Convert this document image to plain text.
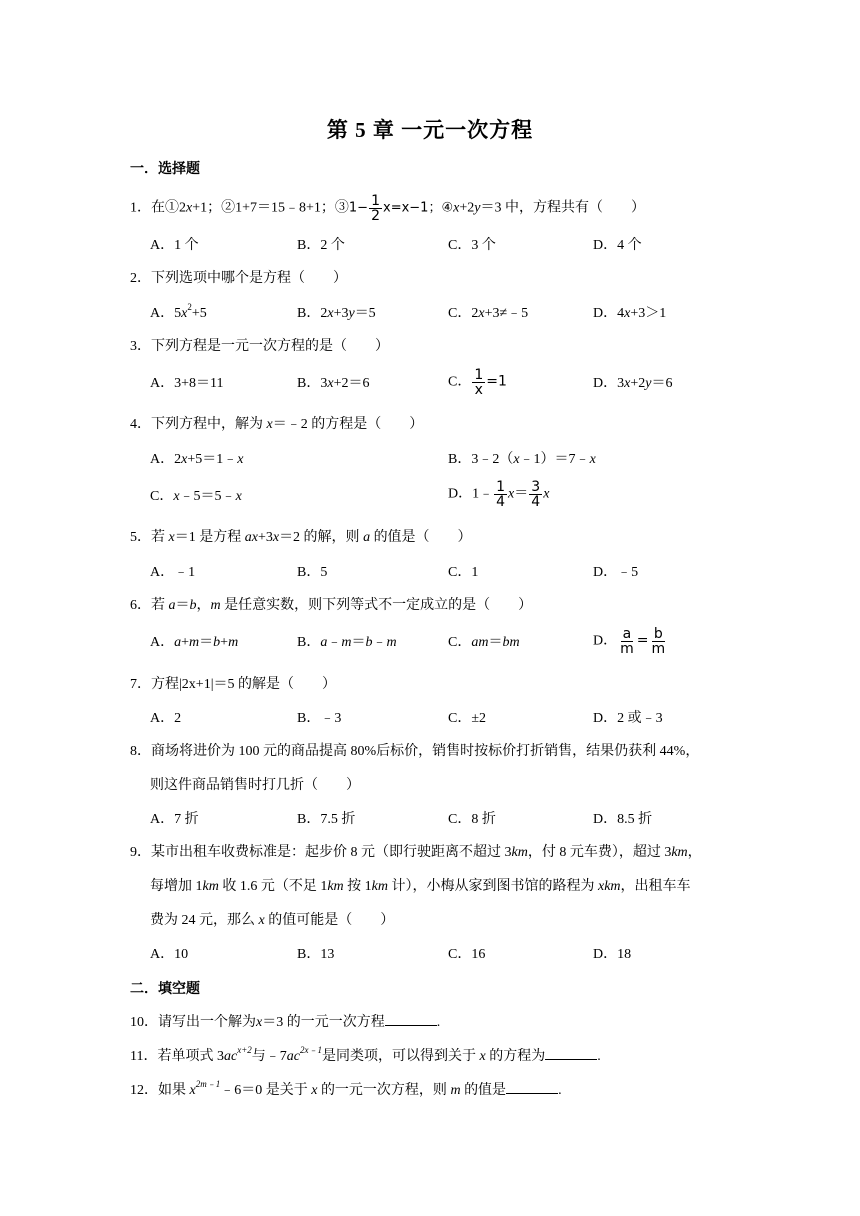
第 5 章 一元一次方程
一．选择题
1．在①2x+1；②1+7＝15﹣8+1；③1− $\frac{1}{2} x=x-1$；④x+2y＝3 中，方程共有（　　）
A．1 个	B．2 个	C．3 个	D．4 个
2．下列选项中哪个是方程（　　）
A．$5x^2+5$	B．2x+3y＝5	C．2x+3≠﹣5	D．4x+3＞1
3．下列方程是一元一次方程的是（　　）
A．3+8＝11	B．3x+2＝6	C． $\frac{1}{x} =1$	D．3x+2y＝6
4．下列方程中，解为 x＝﹣2 的方程是（　　）
A．2x+5＝1﹣x	B．3﹣2（x﹣1）＝7﹣x
C．x﹣5＝5﹣x	D．1﹣ $\frac{1}{4} x= \frac{3}{4}$ x
5．若 x＝1 是方程 ax+3x＝2 的解，则 a 的值是（　　）
A．﹣1	B．5	C．1	D．﹣5
6．若 a＝b，m 是任意实数，则下列等式不一定成立的是（　　）
A．a+m＝b+m	B．a﹣m＝b﹣m	C．am＝bm	D． $\frac{a}{m} = \frac{b}{m}$
7．方程|2x+1|＝5 的解是（　　）
A．2	B．﹣3	C．±2	D．2 或﹣3
8．商场将进价为 100 元的商品提高 80%后标价，销售时按标价打折销售，结果仍获利 44%，
则这件商品销售时打几折（　　）
A．7 折	B．7.5 折	C．8 折	D．8.5 折
9．某市出租车收费标准是：起步价 8 元（即行驶距离不超过 3km，付 8 元车费），超过 3km，
每增加 1km 收 1.6 元（不足 1km 按 1km 计），小梅从家到图书馆的路程为 xkm，出租车车
费为 24 元，那么 x 的值可能是（　　）
A．10	B．13	C．16	D．18
二．填空题
10．请写出一个解为x＝3 的一元一次方程	.
11．若单项式 $3ac^{x+2}$与$﹣7ac^{2x﹣1}$是同类项，可以得到关于 x 的方程为	.
12．如果 $x^{2m﹣1}﹣6=0$ 是关于 x 的一元一次方程，则 m 的值是	.
